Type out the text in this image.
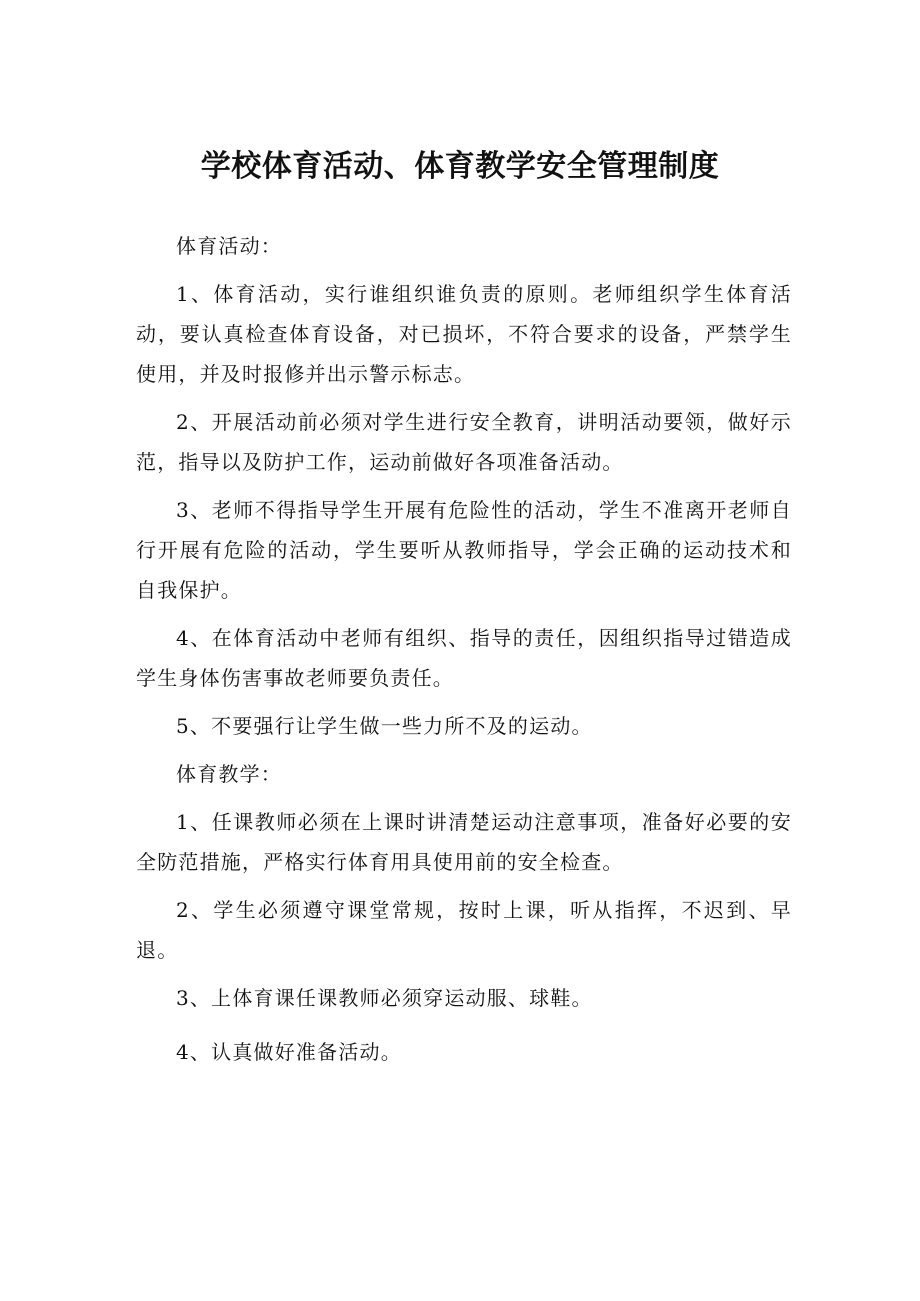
学校体育活动、体育教学安全管理制度

体育活动：

1、体育活动，实行谁组织谁负责的原则。老师组织学生体育活动，要认真检查体育设备，对已损坏，不符合要求的设备，严禁学生使用，并及时报修并出示警示标志。

2、开展活动前必须对学生进行安全教育，讲明活动要领，做好示范，指导以及防护工作，运动前做好各项准备活动。

3、老师不得指导学生开展有危险性的活动，学生不准离开老师自行开展有危险的活动，学生要听从教师指导，学会正确的运动技术和自我保护。

4、在体育活动中老师有组织、指导的责任，因组织指导过错造成学生身体伤害事故老师要负责任。

5、不要强行让学生做一些力所不及的运动。

体育教学：

1、任课教师必须在上课时讲清楚运动注意事项，准备好必要的安全防范措施，严格实行体育用具使用前的安全检查。

2、学生必须遵守课堂常规，按时上课，听从指挥，不迟到、早退。

3、上体育课任课教师必须穿运动服、球鞋。

4、认真做好准备活动。
